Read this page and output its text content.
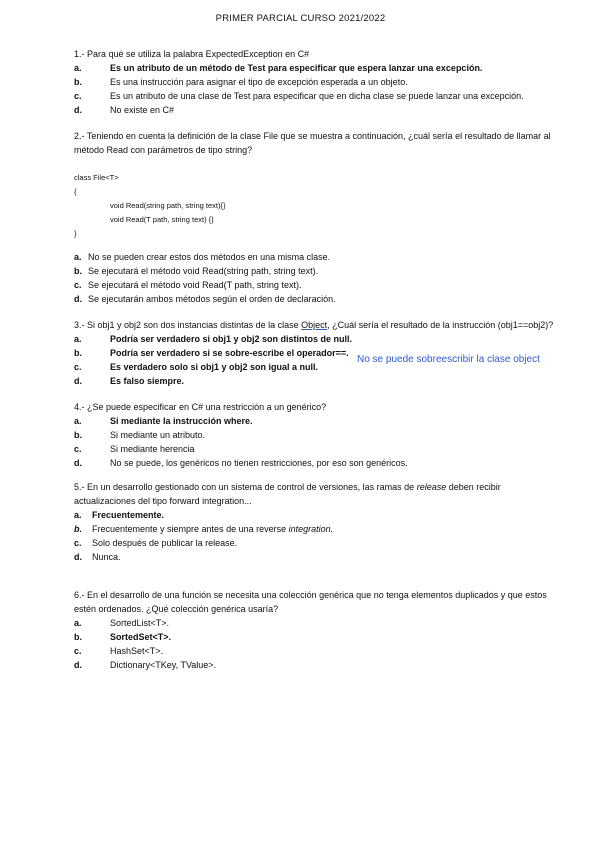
PRIMER PARCIAL CURSO 2021/2022
1.- Para qué se utiliza la palabra ExpectedException en C#
a.	Es un atributo de un método de Test para especificar que espera lanzar una excepción.
b.	Es una instrucción para asignar el tipo de excepción esperada a un objeto.
c.	Es un atributo de una clase de Test para especificar que en dicha clase se puede lanzar una excepción.
d.	No existe en C#
2.- Teniendo en cuenta la definición de la clase File que se muestra a continuación, ¿cuál sería el resultado de llamar al método Read con parámetros de tipo string?
class File<T>
{
void Read(string path, string text){}
void Read(T path, string text) {}
}
a. No se pueden crear estos dos métodos en una misma clase.
b. Se ejecutará el método void Read(string path, string text).
c. Se ejecutará el método void Read(T path, string text).
d. Se ejecutarán ambos métodos según el orden de declaración.
3.- Si obj1 y obj2 son dos instancias distintas de la clase Object, ¿Cuál sería el resultado de la instrucción (obj1==obj2)?
a.	Podría ser verdadero si obj1 y obj2 son distintos de null.
b.	Podría ser verdadero si se sobre-escribe el operador==.
c.	Es verdadero solo si obj1 y obj2 son igual a null.
d.	Es falso siempre.
No se puede sobreescribir la clase object
4.- ¿Se puede especificar en C# una restricción a un genérico?
a.	Si mediante la instrucción where.
b.	Si mediante un atributo.
c.	Si mediante herencia
d.	No se puede, los genéricos no tienen restricciones, por eso son genéricos.
5.- En un desarrollo gestionado con un sistema de control de versiones, las ramas de release deben recibir actualizaciones del tipo forward integration...
a.	Frecuentemente.
b.	Frecuentemente y siempre antes de una reverse integration.
c.	Solo después de publicar la release.
d.	Nunca.
6.- En el desarrollo de una función se necesita una colección genérica que no tenga elementos duplicados y que estos estén ordenados. ¿Qué colección genérica usaría?
a.	SortedList<T>.
b.	SortedSet<T>.
c.	HashSet<T>.
d.	Dictionary<TKey, TValue>.
